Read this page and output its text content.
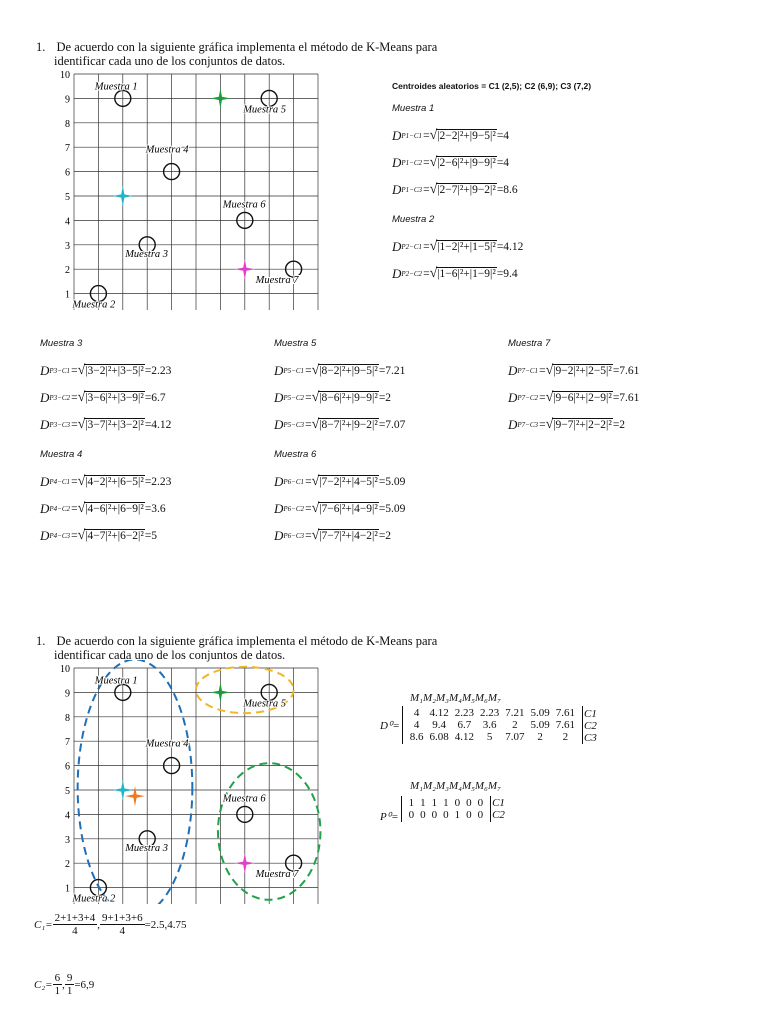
1. De acuerdo con la siguiente gráfica implementa el método de K-Means para
identificar cada uno de los conjuntos de datos.
1
2
3
4
5
6
7
8
9
10
Muestra 1
Muestra 2
Muestra 3
Muestra 4
Muestra 5
Muestra 6
Muestra 7
Centroides aleatorios = C1 (2,5); C2 (6,9); C3 (7,2)
Muestra 1
D P1−C1 = √ |2−2|²+|9−5|² =4
D P1−C2 = √ |2−6|²+|9−9|² =4
D P1−C3 = √ |2−7|²+|9−2|² =8.6
Muestra 2
D P2−C1 = √ |1−2|²+|1−5|² =4.12
D P2−C2 = √ |1−6|²+|1−9|² =9.4
Muestra 3
D P3−C1 = √ |3−2|²+|3−5|² =2.23
D P3−C2 = √ |3−6|²+|3−9|² =6.7
D P3−C3 = √ |3−7|²+|3−2|² =4.12
Muestra 5
D P5−C1 = √ |8−2|²+|9−5|² =7.21
D P5−C2 = √ |8−6|²+|9−9|² =2
D P5−C3 = √ |8−7|²+|9−2|² =7.07
Muestra 7
D P7−C1 = √ |9−2|²+|2−5|² =7.61
D P7−C2 = √ |9−6|²+|2−9|² =7.61
D P7−C3 = √ |9−7|²+|2−2|² =2
Muestra 4
D P4−C1 = √ |4−2|²+|6−5|² =2.23
D P4−C2 = √ |4−6|²+|6−9|² =3.6
D P4−C3 = √ |4−7|²+|6−2|² =5
Muestra 6
D P6−C1 = √ |7−2|²+|4−5|² =5.09
D P6−C2 = √ |7−6|²+|4−9|² =5.09
D P6−C3 = √ |7−7|²+|4−2|² =2
1. De acuerdo con la siguiente gráfica implementa el método de K-Means para
identificar cada uno de los conjuntos de datos.
1
2
3
4
5
6
7
8
9
10
Muestra 1
Muestra 2
Muestra 3
Muestra 4
Muestra 5
Muestra 6
Muestra 7
M₁M₂M₃M₄M₅M₆M₇
D⁰=
4	4.12	2.23	2.23	7.21	5.09	7.61
4	9.4	6.7	3.6	2	5.09	7.61
8.6	6.08	4.12	5	7.07	2	2
C1
C2
C3
M₁M₂M₃M₄M₅M₆M₇
P⁰=
1	1	1	1	0	0	0
0	0	0	0	1	0	0
C1
C2
$C_1= \frac{2+1+3+4}{4}$ , $\frac{9+1+3+6}{4} =2.5,4.75$
$C_2= \frac{6}{1}$ , $\frac{9}{1} =6,9$
